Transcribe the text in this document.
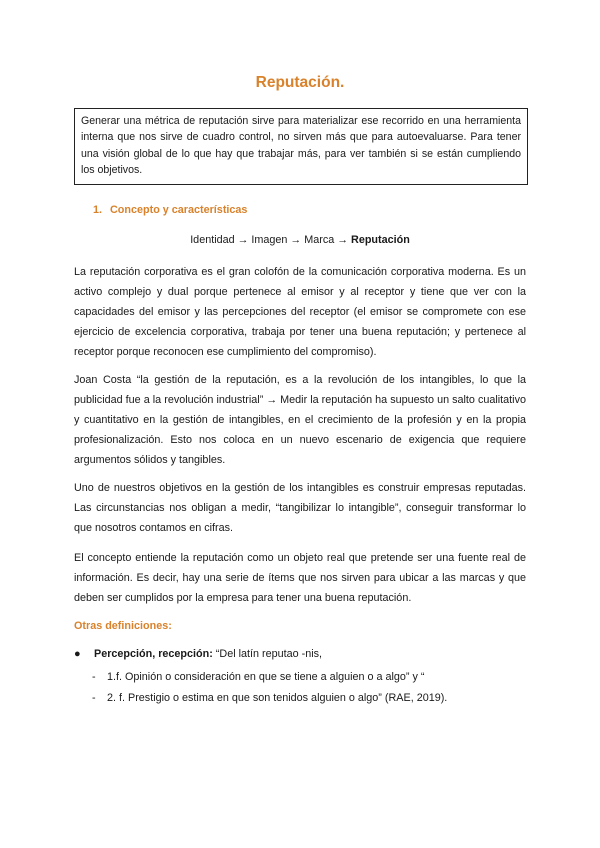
Reputación.

Generar una métrica de reputación sirve para materializar ese recorrido en una herramienta interna que nos sirve de cuadro control, no sirven más que para autoevaluarse. Para tener una visión global de lo que hay que trabajar más, para ver también si se están cumpliendo los objetivos.

1. Concepto y características
Identidad → Imagen → Marca → Reputación

La reputación corporativa es el gran colofón de la comunicación corporativa moderna. Es un activo complejo y dual porque pertenece al emisor y al receptor y tiene que ver con la capacidades del emisor y las percepciones del receptor (el emisor se compromete con ese ejercicio de excelencia corporativa, trabaja por tener una buena reputación; y pertenece al receptor porque reconocen ese cumplimiento del compromiso).

Joan Costa “la gestión de la reputación, es a la revolución de los intangibles, lo que la publicidad fue a la revolución industrial” → Medir la reputación ha supuesto un salto cualitativo y cuantitativo en la gestión de intangibles, en el crecimiento de la profesión y en la propia profesionalización. Esto nos coloca en un nuevo escenario de exigencia que requiere argumentos sólidos y tangibles.

Uno de nuestros objetivos en la gestión de los intangibles es construir empresas reputadas. Las circunstancias nos obligan a medir, “tangibilizar lo intangible”, conseguir transformar lo que nosotros contamos en cifras.

El concepto entiende la reputación como un objeto real que pretende ser una fuente real de información. Es decir, hay una serie de ítems que nos sirven para ubicar a las marcas y que deben ser cumplidos por la empresa para tener una buena reputación.

Otras definiciones:
● Percepción, recepción: “Del latín reputao -nis,
- 1.f. Opinión o consideración en que se tiene a alguien o a algo” y “
- 2. f. Prestigio o estima en que son tenidos alguien o algo” (RAE, 2019).
